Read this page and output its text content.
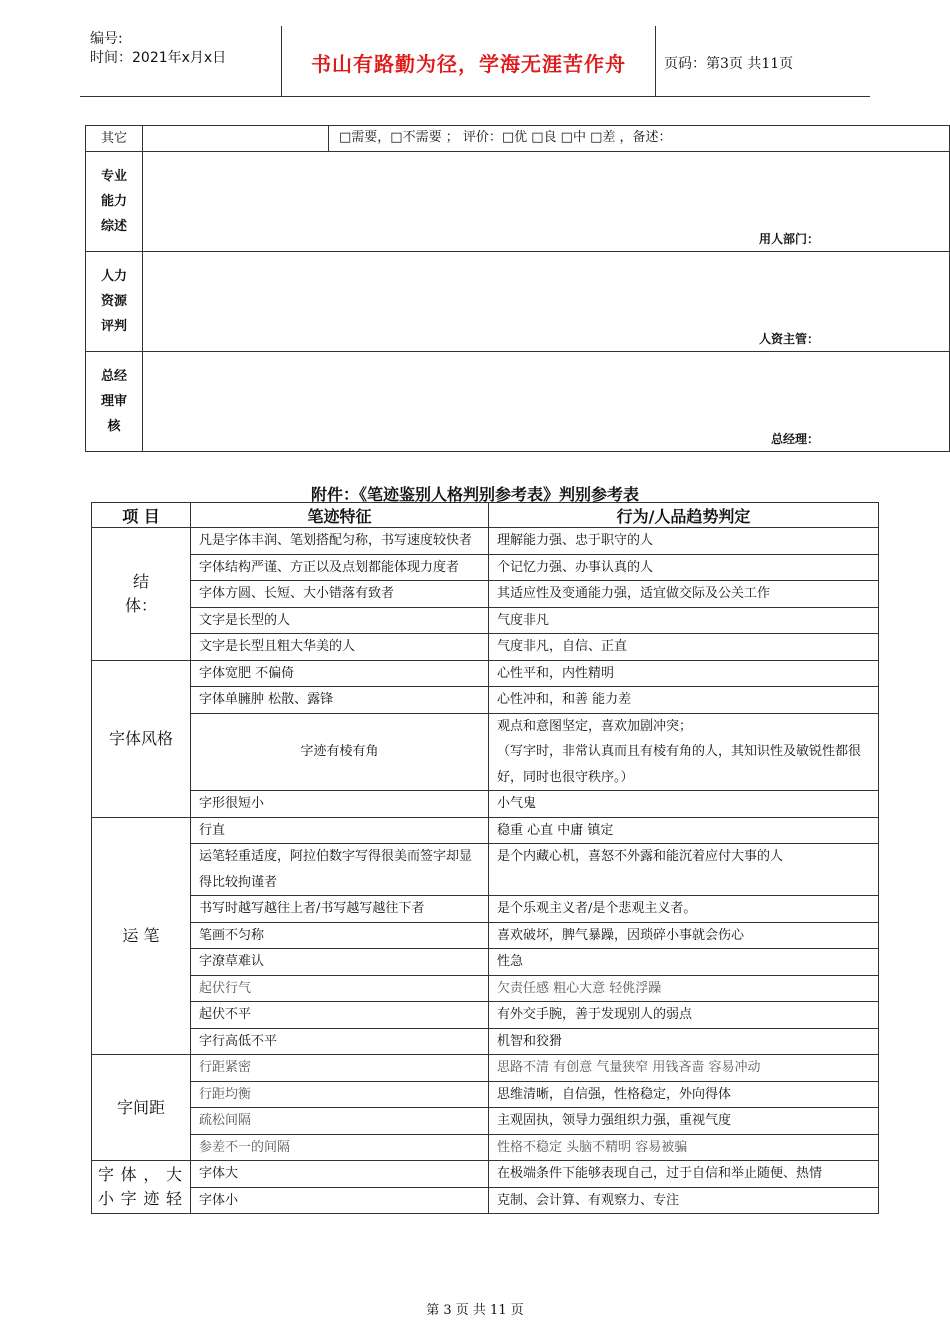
编号:
时间：2021年x月x日	书山有路勤为径，学海无涯苦作舟	页码：第3页 共11页
其它		□需要，□不需要 ； 评价：□优 □良 □中 □差 ，备述：

专业
能力
综述	用人部门：	

人力
资源
评判	人资主管：	

总经
理审
核	总经理：	
附件：《笔迹鉴别人格判别参考表》判别参考表
项 目	笔迹特征	行为/人品趋势判定
结
体：	凡是字体丰润、笔划搭配匀称，书写速度较快者	理解能力强、忠于职守的人
	字体结构严谨、方正以及点划都能体现力度者	个记忆力强、办事认真的人
	字体方圆、长短、大小错落有致者	其适应性及变通能力强，适宜做交际及公关工作
	文字是长型的人	气度非凡
	文字是长型且粗大华美的人	气度非凡，自信、正直
字体风格	字体宽肥 不偏倚	心性平和，内性精明
	字体单臃肿 松散、露锋	心性冲和，和善 能力差
	字迹有棱有角	观点和意图坚定，喜欢加剧冲突；
（写字时，非常认真而且有棱有角的人，其知识性及敏锐性都很好，同时也很守秩序。）
	字形很短小	小气鬼
运 笔	行直	稳重 心直 中庸 镇定
	运笔轻重适度，阿拉伯数字写得很美而签字却显得比较拘谨者	是个内藏心机，喜怒不外露和能沉着应付大事的人
	书写时越写越往上者/书写越写越往下者	是个乐观主义者/是个悲观主义者。
	笔画不匀称	喜欢破坏，脾气暴躁，因琐碎小事就会伤心
	字潦草难认	性急
	起伏行气	欠责任感 粗心大意 轻佻浮躁
	起伏不平	有外交手腕，善于发现别人的弱点
	字行高低不平	机智和狡猾
字间距	行距紧密	思路不清 有创意 气量狭窄 用钱吝啬 容易冲动
	行距均衡	思维清晰，自信强，性格稳定，外向得体
	疏松间隔	主观固执，领导力强组织力强，重视气度
	参差不一的间隔	性格不稳定 头脑不精明 容易被骗
字体，大小字迹轻	字体大	在极端条件下能够表现自己，过于自信和举止随便、热情
	字体小	克制、会计算、有观察力、专注
第 3 页 共 11 页
